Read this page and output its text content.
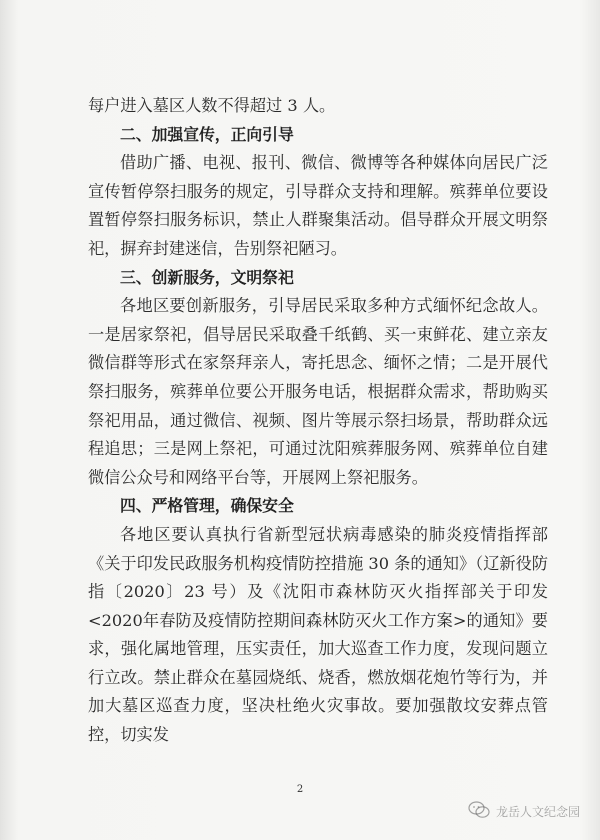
每户进入墓区人数不得超过 3 人。

二、加强宣传，正向引导

借助广播、电视、报刊、微信、微博等各种媒体向居民广泛宣传暂停祭扫服务的规定，引导群众支持和理解。殡葬单位要设置暂停祭扫服务标识，禁止人群聚集活动。倡导群众开展文明祭祀，摒弃封建迷信，告别祭祀陋习。

三、创新服务，文明祭祀

各地区要创新服务，引导居民采取多种方式缅怀纪念故人。一是居家祭祀，倡导居民采取叠千纸鹤、买一束鲜花、建立亲友微信群等形式在家祭拜亲人，寄托思念、缅怀之情；二是开展代祭扫服务，殡葬单位要公开服务电话，根据群众需求，帮助购买祭祀用品，通过微信、视频、图片等展示祭扫场景，帮助群众远程追思；三是网上祭祀，可通过沈阳殡葬服务网、殡葬单位自建微信公众号和网络平台等，开展网上祭祀服务。

四、严格管理，确保安全

各地区要认真执行省新型冠状病毒感染的肺炎疫情指挥部《关于印发民政服务机构疫情防控措施 30 条的通知》（辽新役防指〔2020〕23 号）及《沈阳市森林防灭火指挥部关于印发<2020年春防及疫情防控期间森林防灭火工作方案>的通知》要求，强化属地管理，压实责任，加大巡查工作力度，发现问题立行立改。禁止群众在墓园烧纸、烧香，燃放烟花炮竹等行为，并加大墓区巡查力度，坚决杜绝火灾事故。要加强散坟安葬点管控，切实发

2
龙岳人文纪念园
